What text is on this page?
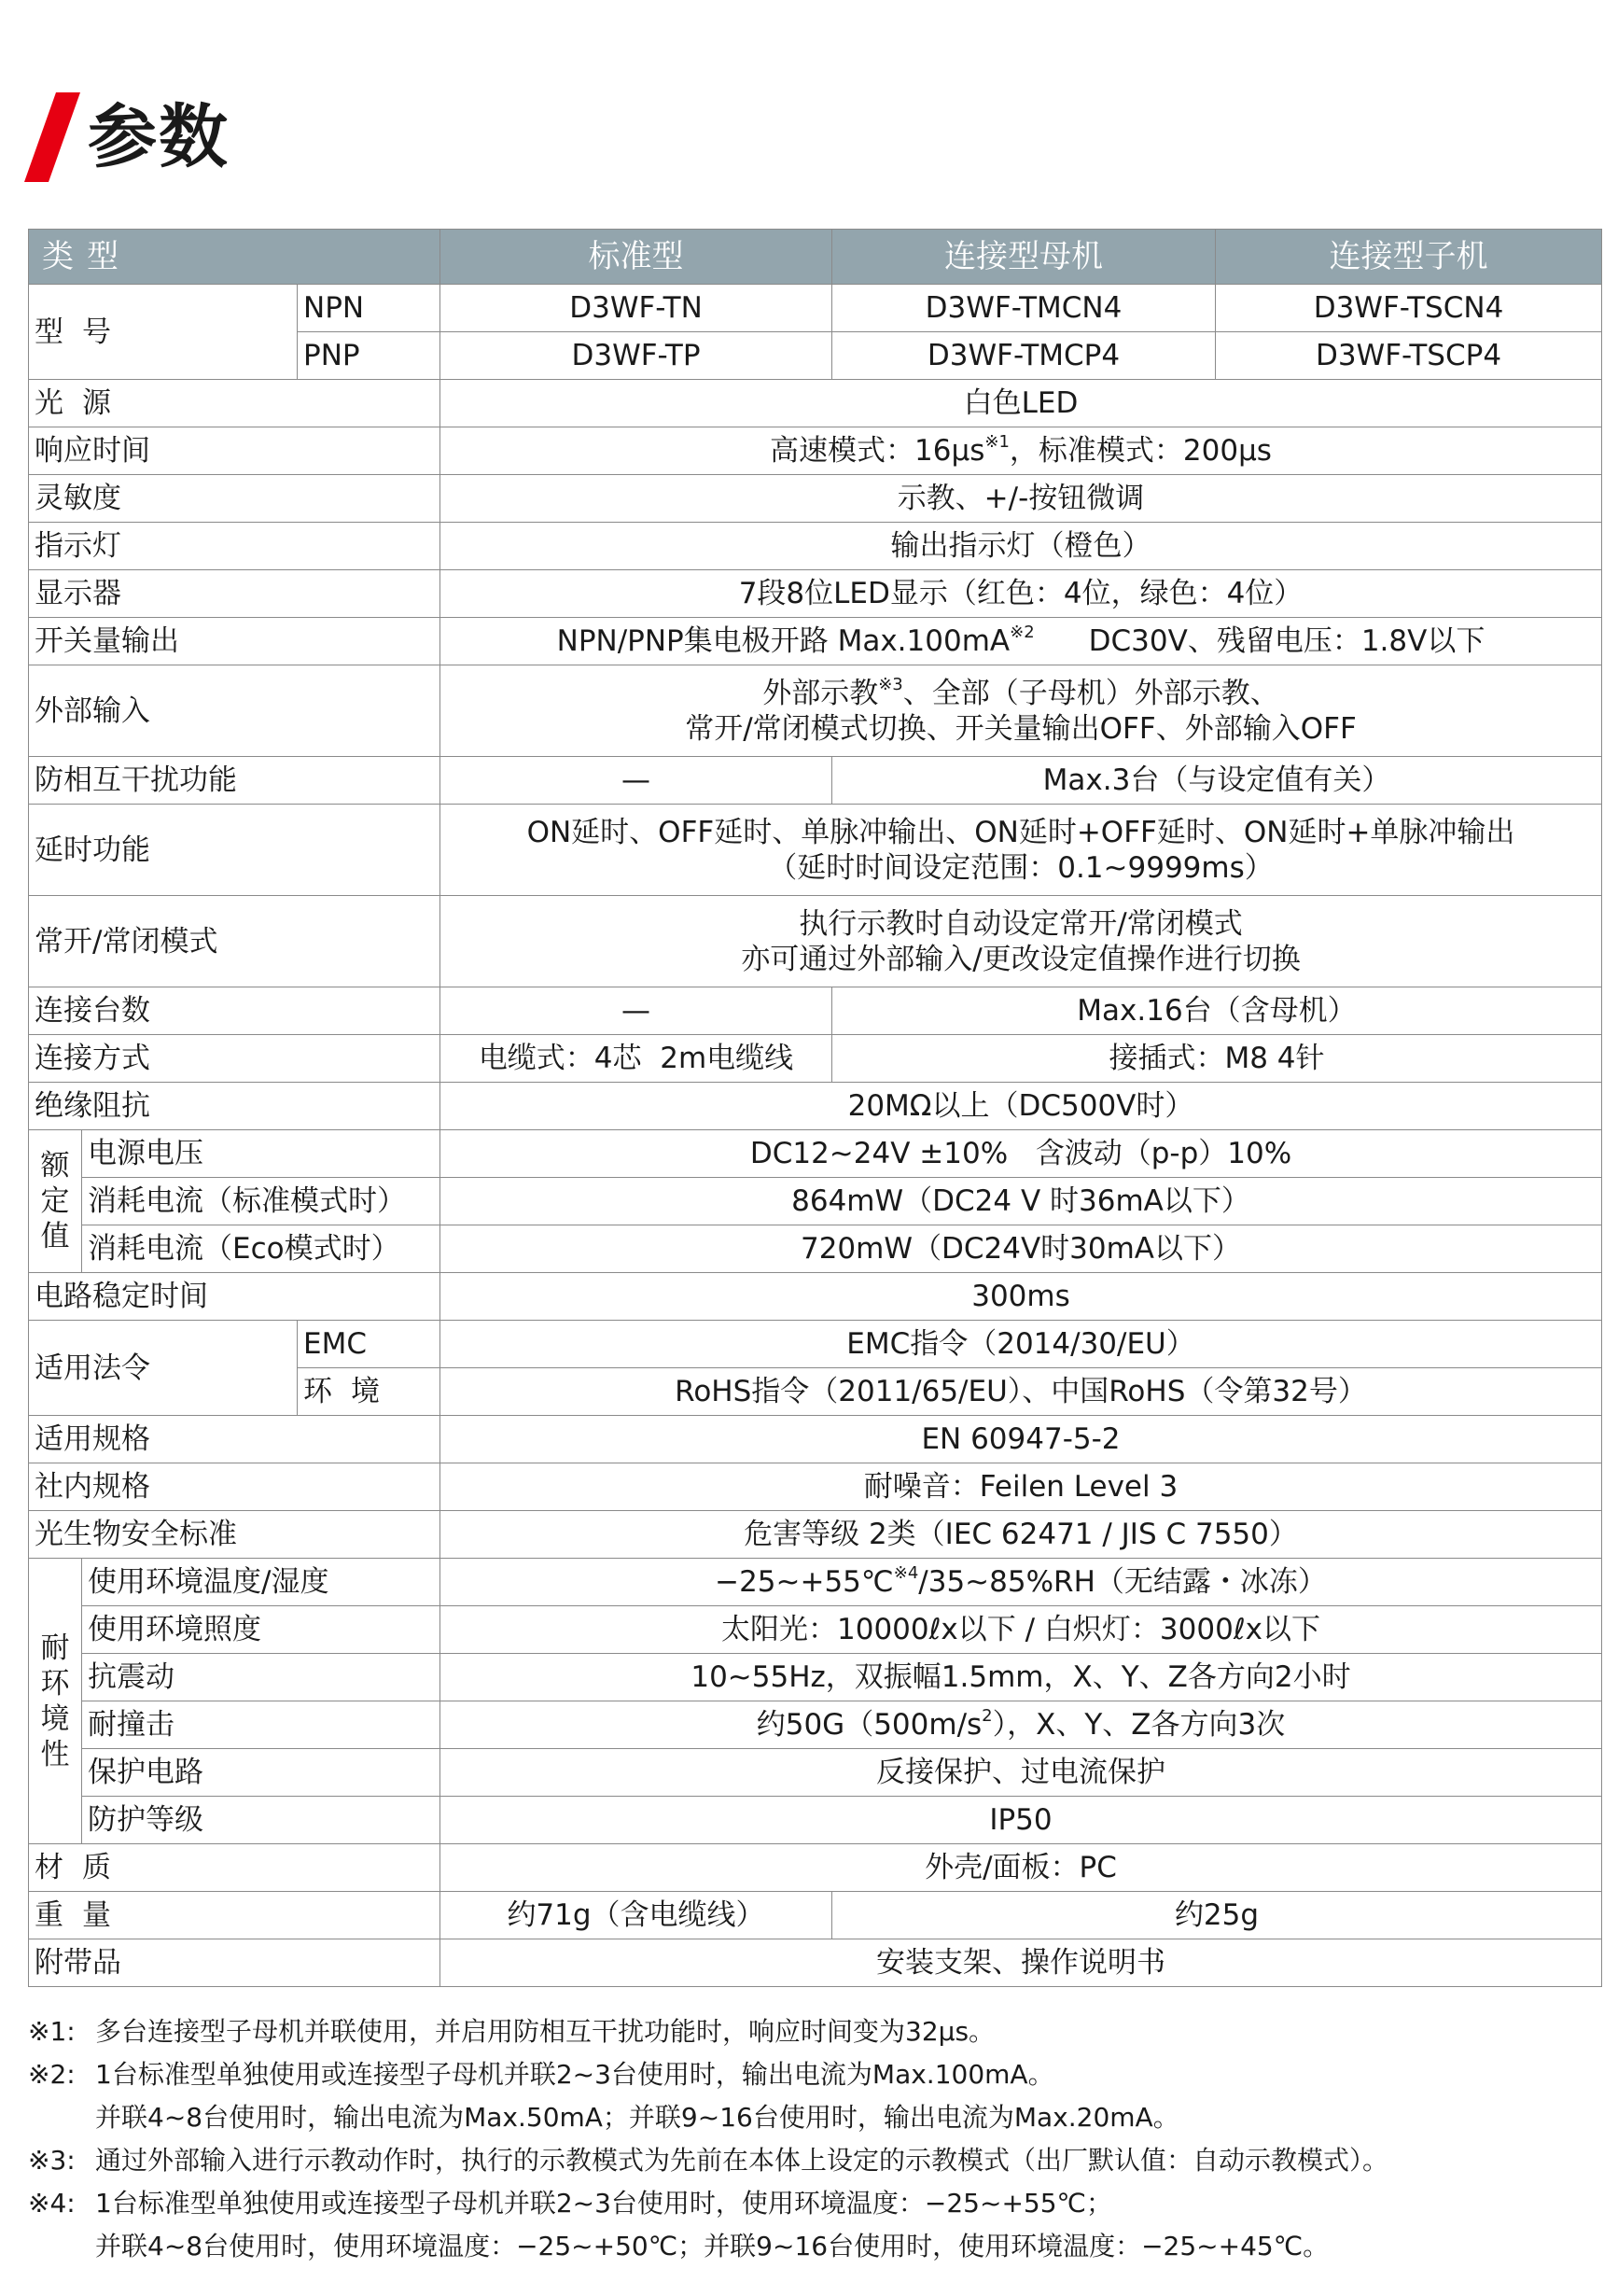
参数
类型			标准型	连接型母机	连接型子机
型号		NPN	D3WF-TN	D3WF-TMCN4	D3WF-TSCN4
		PNP	D3WF-TP	D3WF-TMCP4	D3WF-TSCP4
光源			白色LED		
响应时间			高速模式：$16\mu s^{※1}$，标准模式：200μs		
灵敏度			示教、+/-按钮微调		
指示灯			输出指示灯（橙色）		
显示器			7段8位LED显示（红色：4位，绿色：4位）		
开关量输出			NPN/PNP集电极开路 $Max.100mA^{※2}$ DC30V、残留电压：1.8V以下		
外部输入			外部示教$^{※3}$、全部（子母机）外部示教、
常开/常闭模式切换、开关量输出OFF、外部输入OFF		

防相互干扰功能			—	Max.3台（与设定值有关）	
延时功能			ON延时、OFF延时、单脉冲输出、ON延时+OFF延时、ON延时+单脉冲输出
（延时时间设定范围：0.1~9999ms）		

常开/常闭模式			执行示教时自动设定常开/常闭模式
亦可通过外部输入/更改设定值操作进行切换		

连接台数			—	Max.16台（含母机）	
连接方式			电缆式：4芯  2m电缆线	接插式：M8 4针	
绝缘阻抗			20MΩ以上（DC500V时）		

额
定
值	电源电压		DC12~24V ±10%   含波动（p-p）10%		
	消耗电流（标准模式时）		864mW（DC24 V 时36mA以下）		
	消耗电流（Eco模式时）		720mW（DC24V时30mA以下）		
电路稳定时间			300ms		
适用法令		EMC	EMC指令（2014/30/EU）		
		环境	RoHS指令（2011/65/EU）、中国RoHS（令第32号）		
适用规格			EN 60947-5-2		
社内规格			耐噪音：Feilen Level 3		
光生物安全标准			危害等级 2类（IEC 62471 / JIS C 7550）		

耐
环
境
性	使用环境温度/湿度		−25~+55℃$^{※4}$/35~85%RH（无结露・冰冻）		
	使用环境照度		太阳光：10000ℓx以下 / 白炽灯：3000ℓx以下		
	抗震动		10~55Hz，双振幅1.5mm，X、Y、Z各方向2小时		
	耐撞击		约$50G(500m/s^2)$，X、Y、Z各方向3次		
	保护电路		反接保护、过电流保护		
	防护等级		IP50		
材质			外壳/面板：PC		
重量			约71g（含电缆线）	约25g	
附带品			安装支架、操作说明书		
※1: 多台连接型子母机并联使用，并启用防相互干扰功能时，响应时间变为32μs。
※2: 1台标准型单独使用或连接型子母机并联2~3台使用时，输出电流为Max.100mA。
并联4~8台使用时，输出电流为Max.50mA；并联9~16台使用时，输出电流为Max.20mA。
※3: 通过外部输入进行示教动作时，执行的示教模式为先前在本体上设定的示教模式（出厂默认值：自动示教模式）。
※4: 1台标准型单独使用或连接型子母机并联2~3台使用时，使用环境温度：−25~+55℃；
并联4~8台使用时，使用环境温度：−25~+50℃；并联9~16台使用时，使用环境温度：−25~+45℃。
